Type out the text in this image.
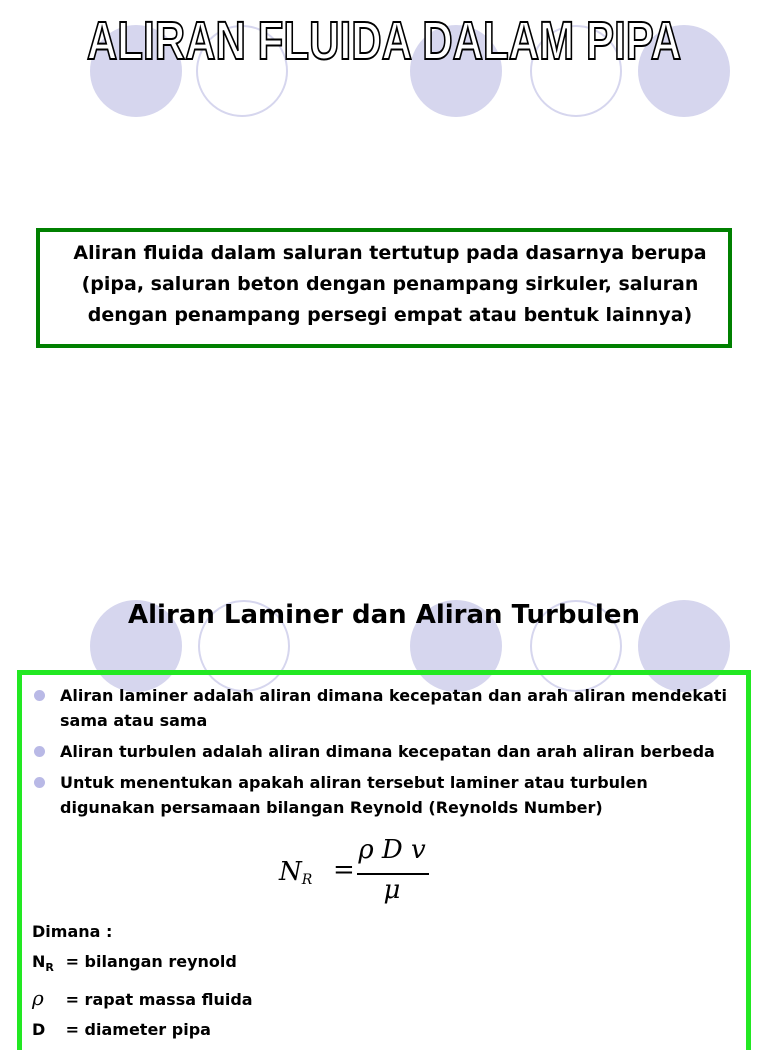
ALIRAN FLUIDA DALAM PIPA
Aliran fluida dalam saluran tertutup pada dasarnya berupa (pipa, saluran beton dengan penampang sirkuler, saluran dengan penampang persegi empat atau bentuk lainnya)
Aliran Laminer dan Aliran Turbulen
Aliran laminer adalah aliran dimana kecepatan dan arah aliran mendekati sama atau sama
Aliran turbulen adalah aliran dimana kecepatan dan arah aliran berbeda
Untuk menentukan apakah aliran tersebut laminer atau turbulen digunakan persamaan bilangan Reynold (Reynolds Number)
$N_R$ =
ρ D v
μ
Dimana :
$N_R$ = bilangan reynold
ρ = rapat massa fluida
D = diameter pipa
